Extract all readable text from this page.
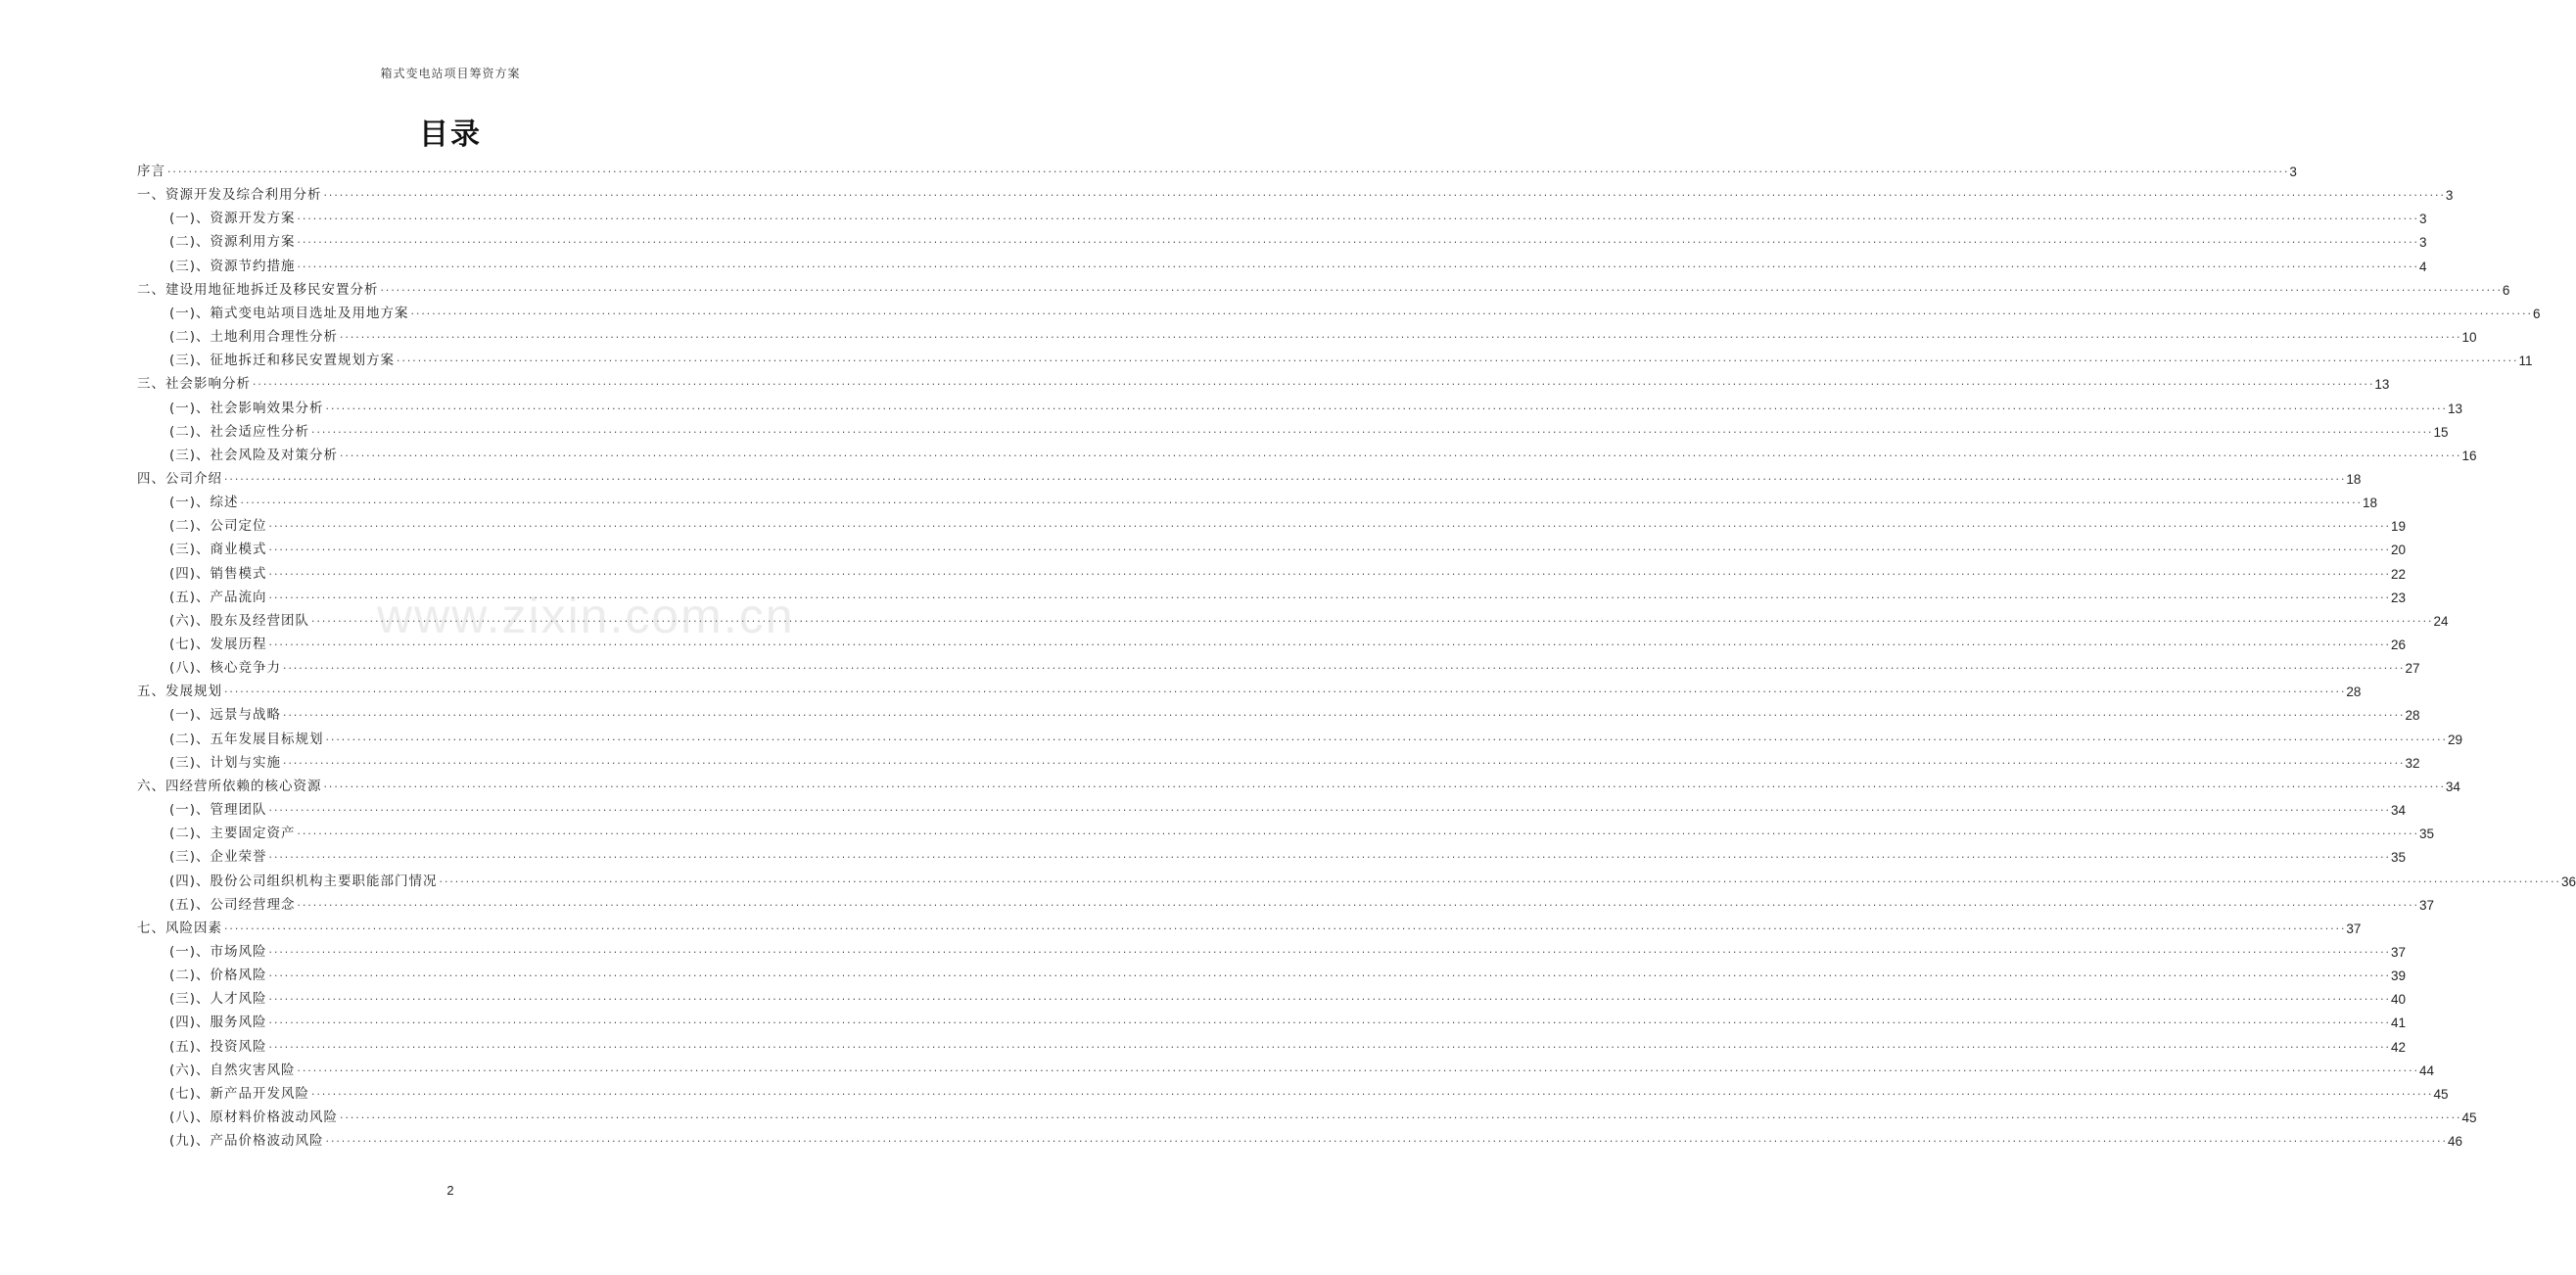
箱式变电站项目筹资方案
目录
序言 ................................................................................................................................................................................................................................................................................................................................................................................................................ 3
一、资源开发及综合利用分析 ................................................................................................................................................................................................................................................................................................................................................................................................................ 3
(一)、资源开发方案 ................................................................................................................................................................................................................................................................................................................................................................................................................ 3
(二)、资源利用方案 ................................................................................................................................................................................................................................................................................................................................................................................................................ 3
(三)、资源节约措施 ................................................................................................................................................................................................................................................................................................................................................................................................................ 4
二、建设用地征地拆迁及移民安置分析 ................................................................................................................................................................................................................................................................................................................................................................................................................ 6
(一)、箱式变电站项目选址及用地方案 ................................................................................................................................................................................................................................................................................................................................................................................................................ 6
(二)、土地利用合理性分析 ................................................................................................................................................................................................................................................................................................................................................................................................................ 10
(三)、征地拆迁和移民安置规划方案 ................................................................................................................................................................................................................................................................................................................................................................................................................ 11
三、社会影响分析 ................................................................................................................................................................................................................................................................................................................................................................................................................ 13
(一)、社会影响效果分析 ................................................................................................................................................................................................................................................................................................................................................................................................................ 13
(二)、社会适应性分析 ................................................................................................................................................................................................................................................................................................................................................................................................................ 15
(三)、社会风险及对策分析 ................................................................................................................................................................................................................................................................................................................................................................................................................ 16
四、公司介绍 ................................................................................................................................................................................................................................................................................................................................................................................................................ 18
(一)、综述 ................................................................................................................................................................................................................................................................................................................................................................................................................ 18
(二)、公司定位 ................................................................................................................................................................................................................................................................................................................................................................................................................ 19
(三)、商业模式 ................................................................................................................................................................................................................................................................................................................................................................................................................ 20
(四)、销售模式 ................................................................................................................................................................................................................................................................................................................................................................................................................ 22
(五)、产品流向 ................................................................................................................................................................................................................................................................................................................................................................................................................ 23
(六)、股东及经营团队 ................................................................................................................................................................................................................................................................................................................................................................................................................ 24
(七)、发展历程 ................................................................................................................................................................................................................................................................................................................................................................................................................ 26
(八)、核心竞争力 ................................................................................................................................................................................................................................................................................................................................................................................................................ 27
五、发展规划 ................................................................................................................................................................................................................................................................................................................................................................................................................ 28
(一)、远景与战略 ................................................................................................................................................................................................................................................................................................................................................................................................................ 28
(二)、五年发展目标规划 ................................................................................................................................................................................................................................................................................................................................................................................................................ 29
(三)、计划与实施 ................................................................................................................................................................................................................................................................................................................................................................................................................ 32
六、四经营所依赖的核心资源 ................................................................................................................................................................................................................................................................................................................................................................................................................ 34
(一)、管理团队 ................................................................................................................................................................................................................................................................................................................................................................................................................ 34
(二)、主要固定资产 ................................................................................................................................................................................................................................................................................................................................................................................................................ 35
(三)、企业荣誉 ................................................................................................................................................................................................................................................................................................................................................................................................................ 35
(四)、股份公司组织机构主要职能部门情况 ................................................................................................................................................................................................................................................................................................................................................................................................................ 36
(五)、公司经营理念 ................................................................................................................................................................................................................................................................................................................................................................................................................ 37
七、风险因素 ................................................................................................................................................................................................................................................................................................................................................................................................................ 37
(一)、市场风险 ................................................................................................................................................................................................................................................................................................................................................................................................................ 37
(二)、价格风险 ................................................................................................................................................................................................................................................................................................................................................................................................................ 39
(三)、人才风险 ................................................................................................................................................................................................................................................................................................................................................................................................................ 40
(四)、服务风险 ................................................................................................................................................................................................................................................................................................................................................................................................................ 41
(五)、投资风险 ................................................................................................................................................................................................................................................................................................................................................................................................................ 42
(六)、自然灾害风险 ................................................................................................................................................................................................................................................................................................................................................................................................................ 44
(七)、新产品开发风险 ................................................................................................................................................................................................................................................................................................................................................................................................................ 45
(八)、原材料价格波动风险 ................................................................................................................................................................................................................................................................................................................................................................................................................ 45
(九)、产品价格波动风险 ................................................................................................................................................................................................................................................................................................................................................................................................................ 46
www.zixin.com.cn
2
